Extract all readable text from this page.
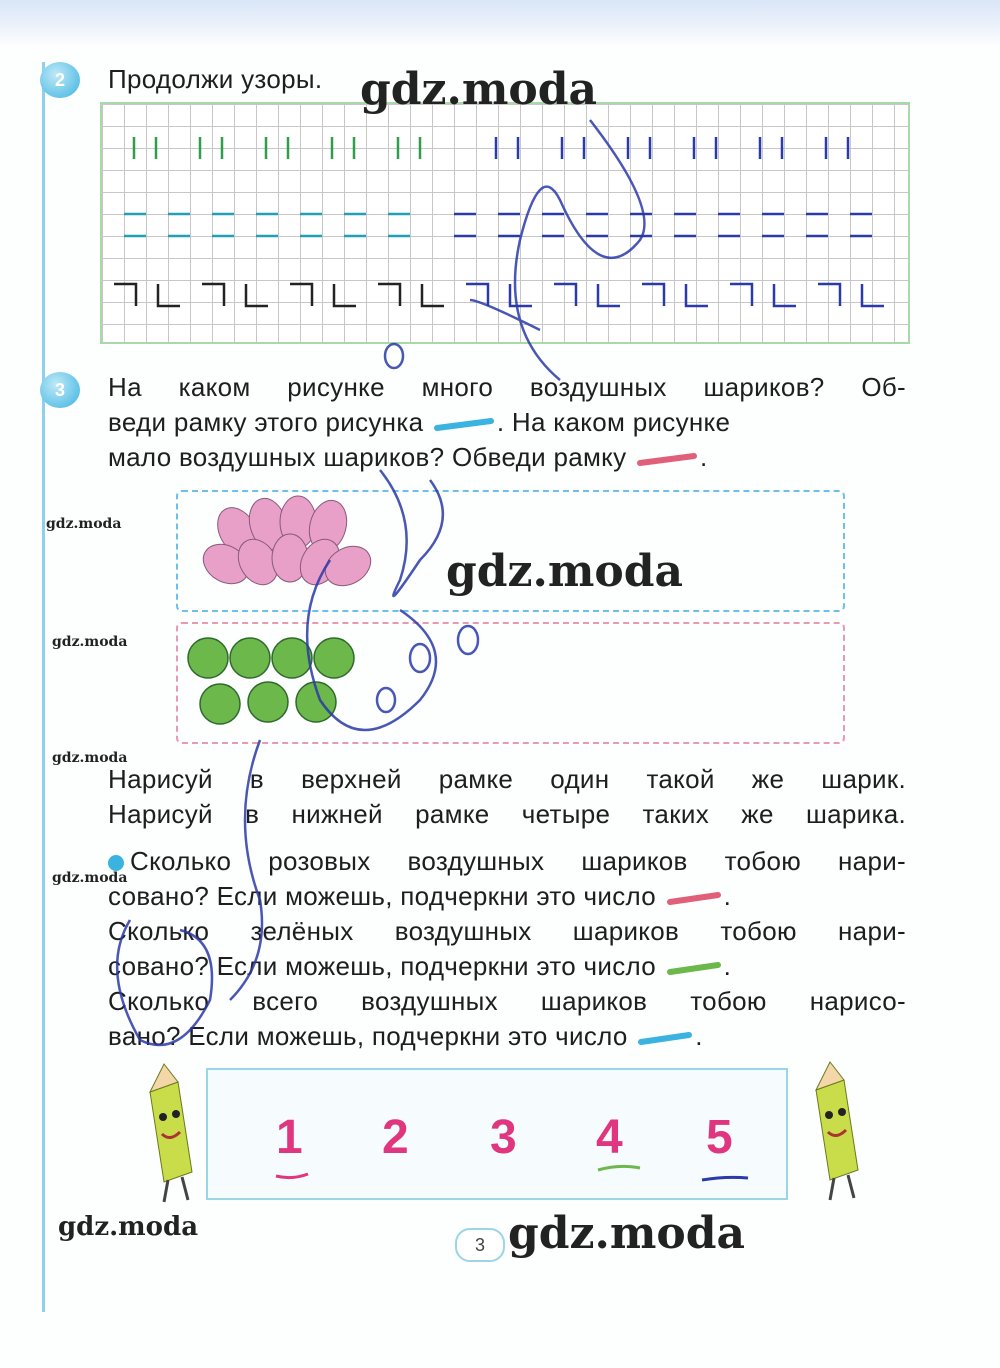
2 Продолжи узоры.
3 На каком рисунке много воздушных шариков? Об-
веди рамку этого рисунка	. На каком рисунке
мало воздушных шариков? Обведи рамку	.
Нарисуй в верхней рамке один такой же шарик.
Нарисуй в нижней рамке четыре таких же шарика.
Сколько розовых воздушных шариков тобою нари-
совано? Если можешь, подчеркни это число	.
Сколько зелёных воздушных шариков тобою нари-
совано? Если можешь, подчеркни это число	.
Сколько всего воздушных шариков тобою нарисо-
вано? Если можешь, подчеркни это число	.
1 2 3 4 5
gdz.moda
gdz.moda
gdz.moda
gdz.moda
gdz.moda
gdz.moda
gdz.moda	gdz.moda
3
